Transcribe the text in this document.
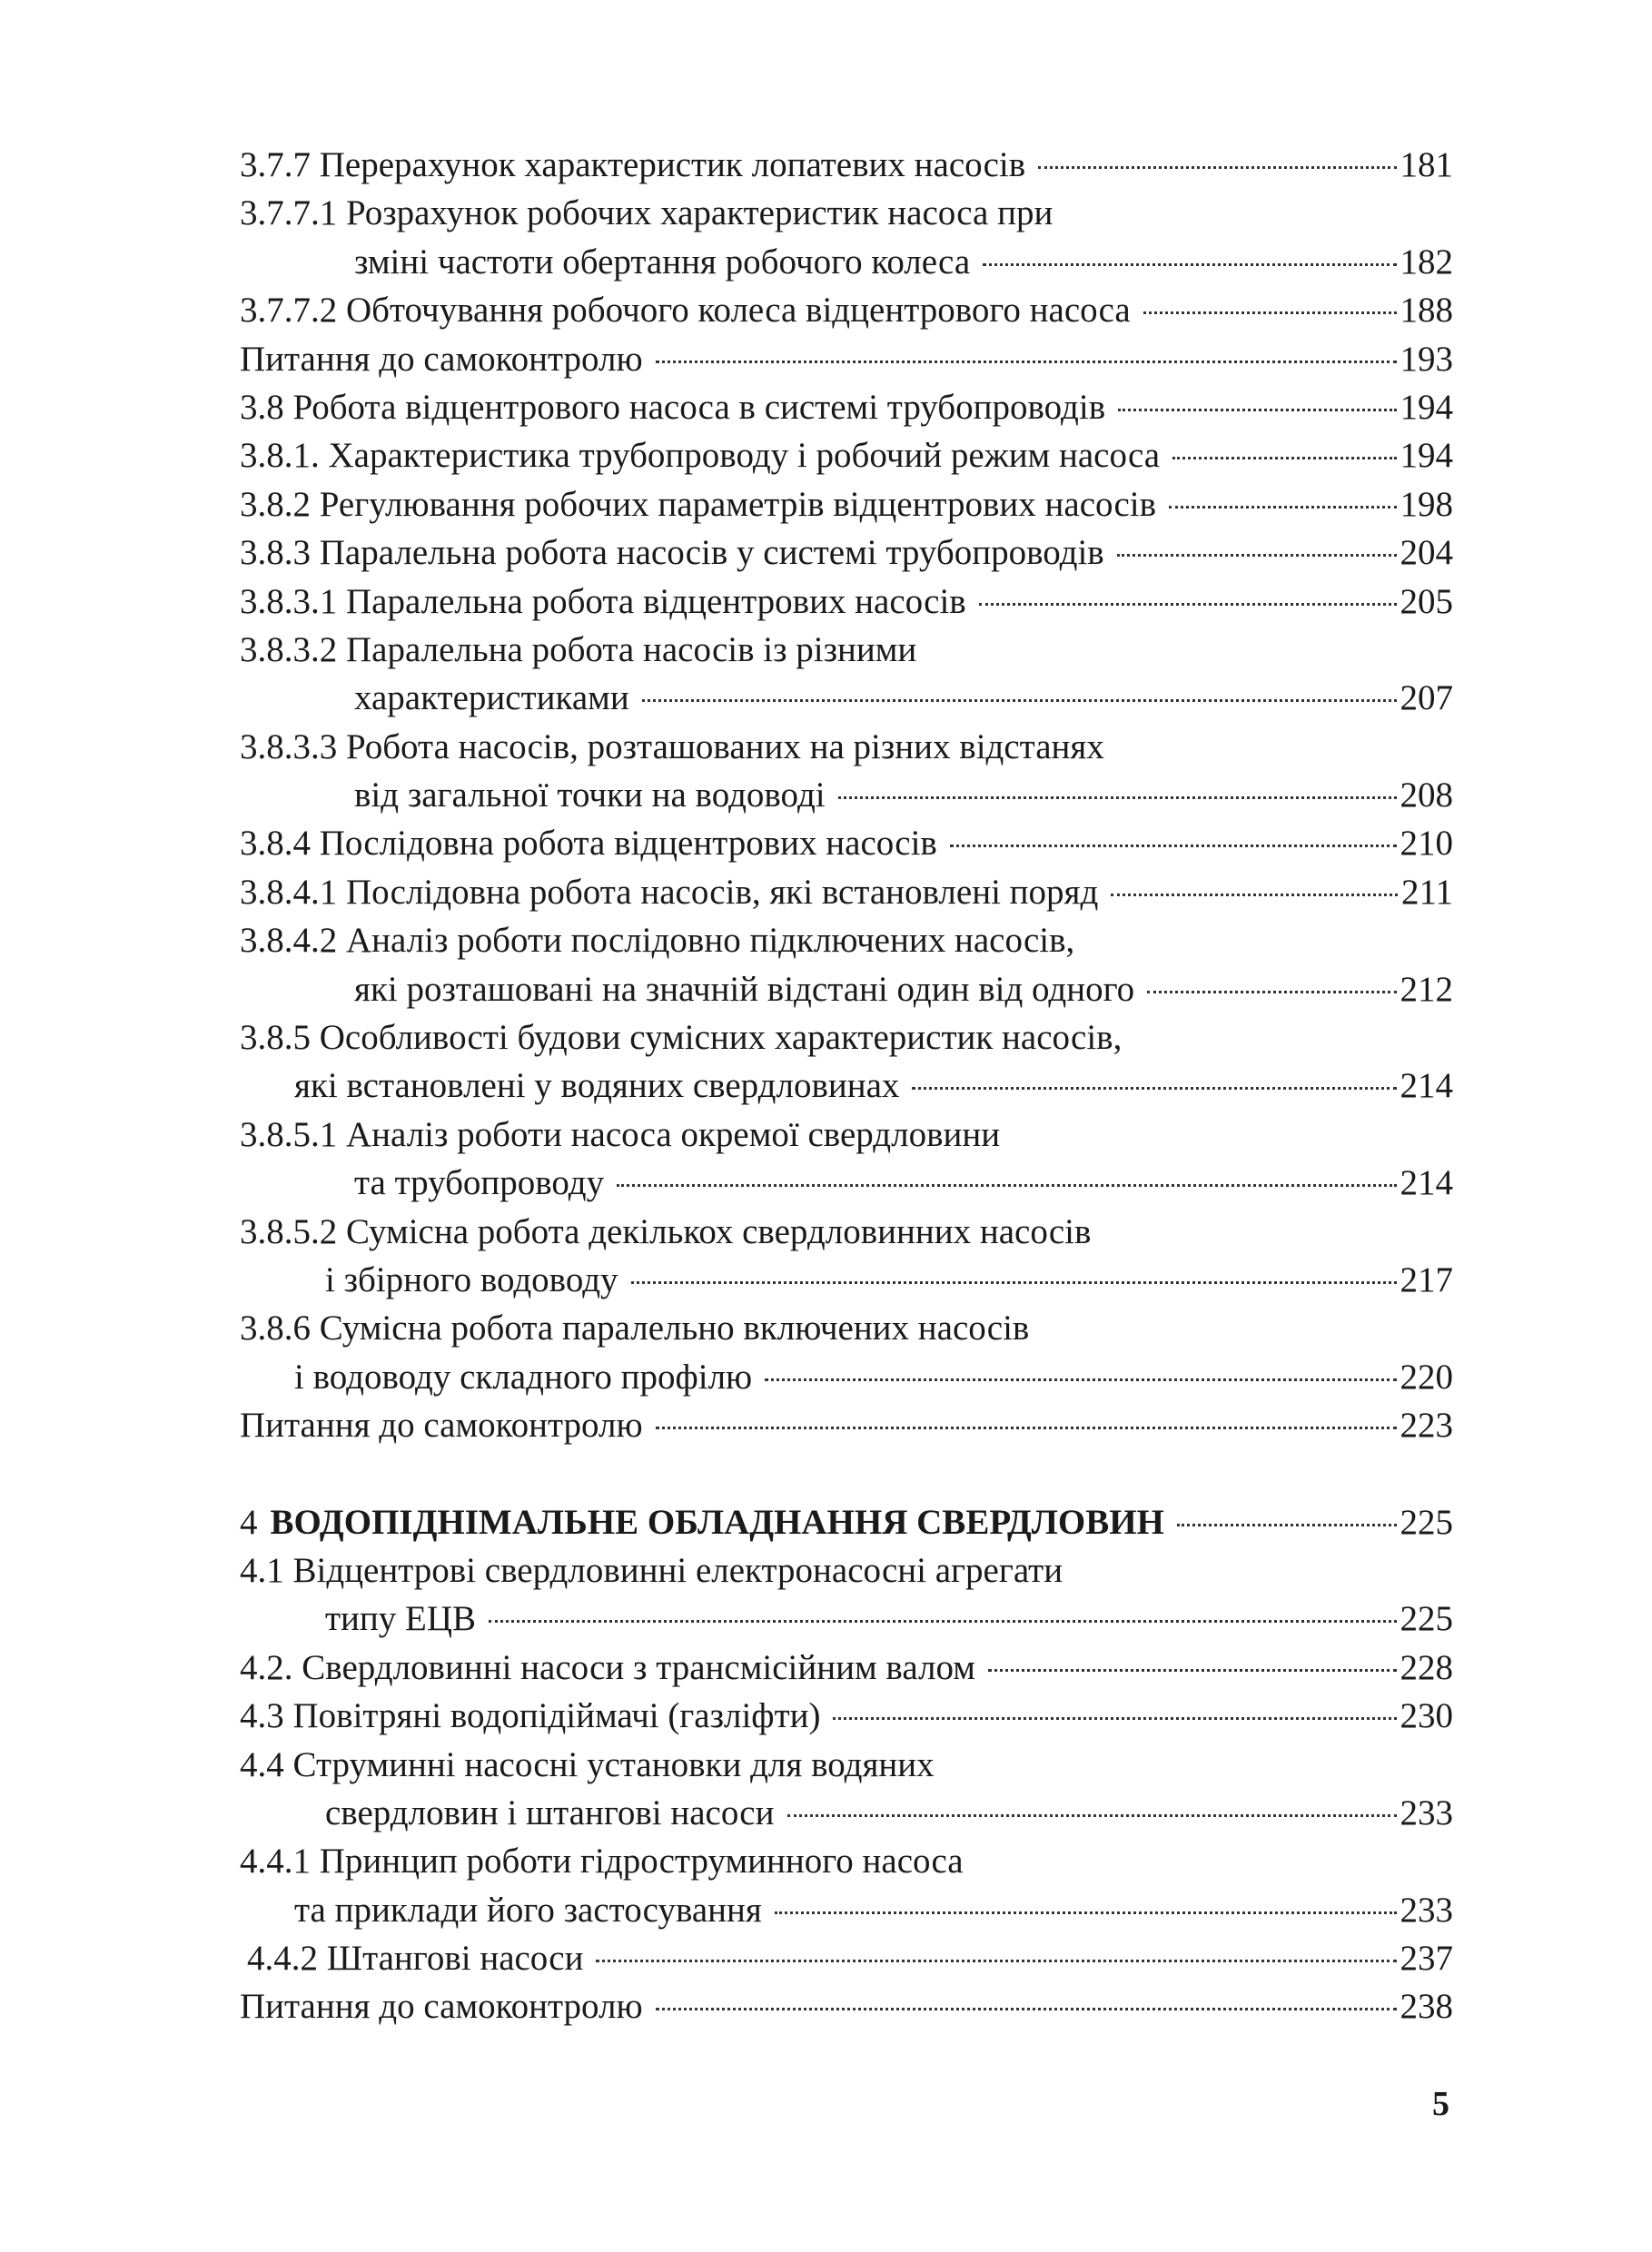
3.7.7 Перерахунок характеристик лопатевих насосів	181
3.7.7.1 Розрахунок робочих характеристик насоса при
зміні частоти обертання робочого колеса	182
3.7.7.2 Обточування робочого колеса відцентрового насоса	188
Питання до самоконтролю	193
3.8 Робота відцентрового насоса в системі трубопроводів	194
3.8.1. Характеристика трубопроводу і робочий режим насоса	194
3.8.2 Регулювання робочих параметрів відцентрових насосів	198
3.8.3 Паралельна робота насосів у системі трубопроводів	204
3.8.3.1 Паралельна робота відцентрових насосів	205
3.8.3.2 Паралельна робота насосів із різними
характеристиками	207
3.8.3.3 Робота насосів, розташованих на різних відстанях
від загальної точки на водоводі	208
3.8.4 Послідовна робота відцентрових насосів	210
3.8.4.1 Послідовна робота насосів, які встановлені поряд	211
3.8.4.2 Аналіз роботи послідовно підключених насосів,
які розташовані на значній відстані один від одного	212
3.8.5 Особливості будови сумісних характеристик насосів,
які встановлені у водяних свердловинах	214
3.8.5.1 Аналіз роботи насоса окремої свердловини
та трубопроводу	214
3.8.5.2 Сумісна робота декількох свердловинних насосів
і збірного водоводу	217
3.8.6 Сумісна робота паралельно включених насосів
і водоводу складного профілю	220
Питання до самоконтролю	223
4 ВОДОПІДНІМАЛЬНЕ ОБЛАДНАННЯ СВЕРДЛОВИН	225
4.1 Відцентрові свердловинні електронасосні агрегати
типу ЕЦВ	225
4.2. Свердловинні насоси з трансмісійним валом	228
4.3 Повітряні водопідіймачі (газліфти)	230
4.4 Струминні насосні установки для водяних
свердловин і штангові насоси	233
4.4.1 Принцип роботи гідроструминного насоса
та приклади його застосування	233
4.4.2 Штангові насоси	237
Питання до самоконтролю	238
5
